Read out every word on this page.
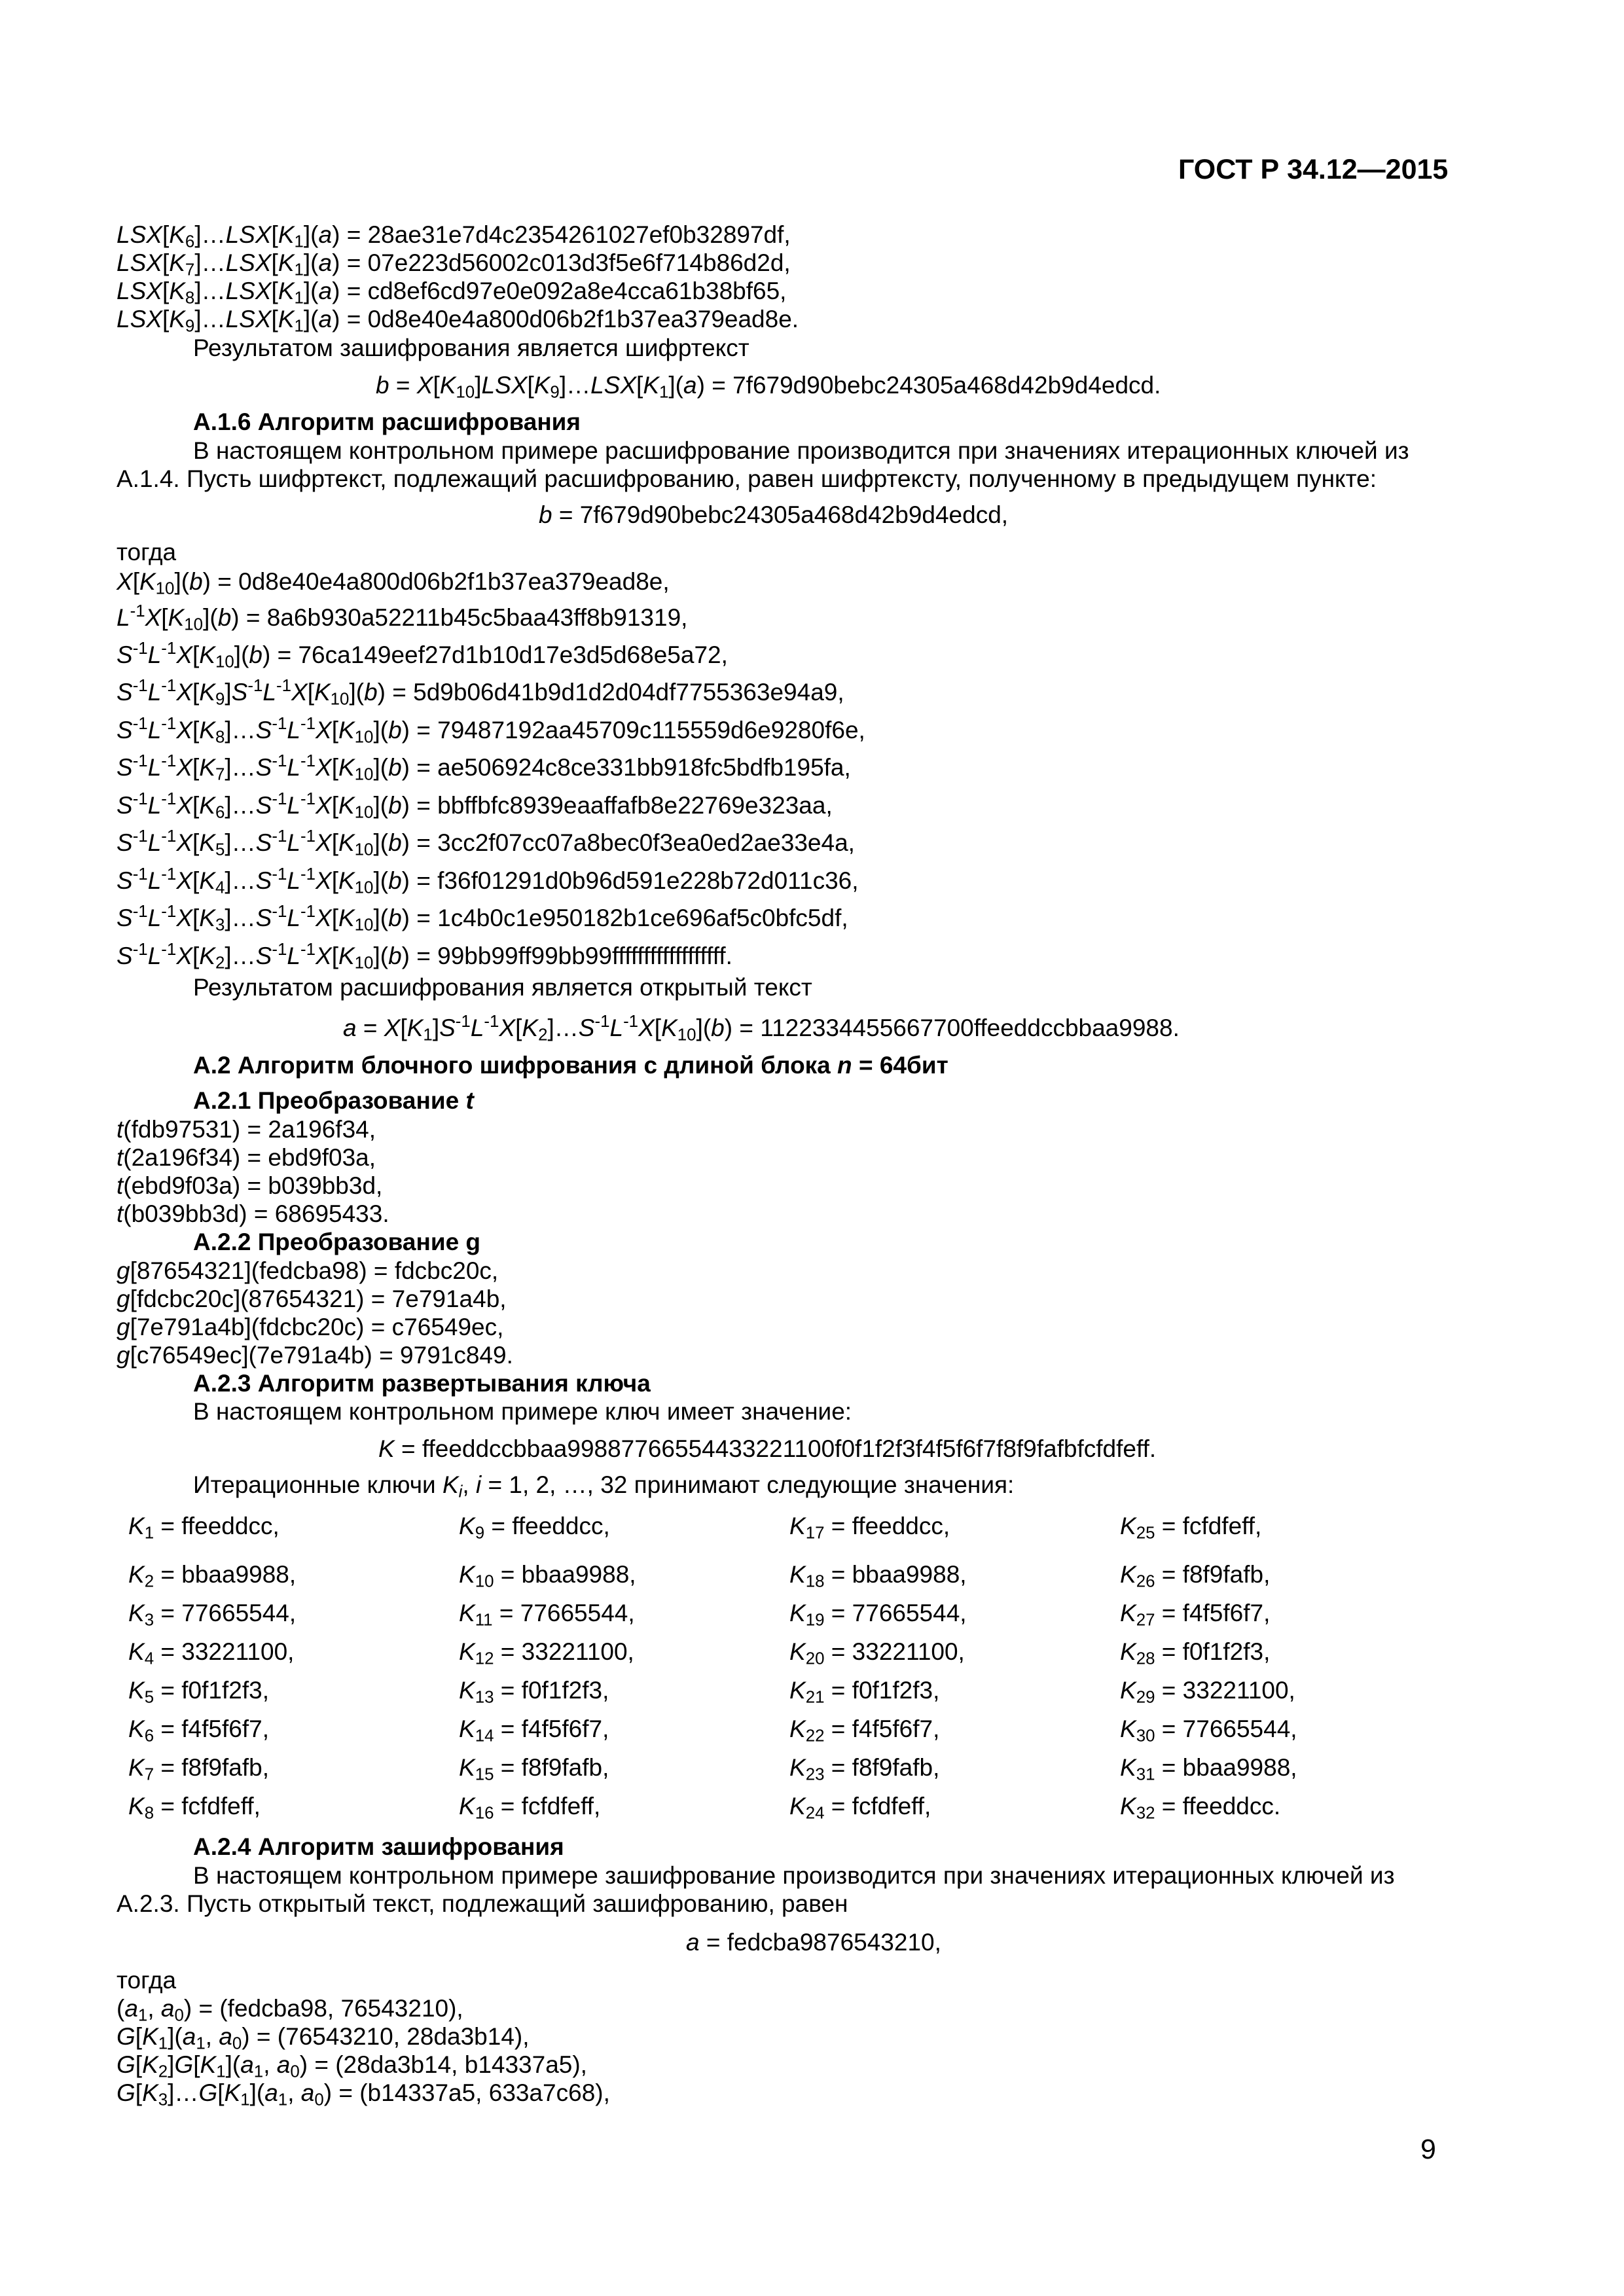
ГОСТ Р 34.12—2015
$LSX[K_6]\dots LSX[K_1](a) = 28ae31e7d4c2354261027ef0b32897df$,
$LSX[K_7]\dots LSX[K_1](a) = 07e223d56002c013d3f5e6f714b86d2d$,
$LSX[K_8]\dots LSX[K_1](a) = cd8ef6cd97e0e092a8e4cca61b38bf65$,
$LSX[K_9]\dots LSX[K_1](a) = 0d8e40e4a800d06b2f1b37ea379ead8e$.
Результатом зашифрования является шифртекст
$b = X[K_{10}]LSX[K_9]\dots LSX[K_1](a)$ = 7f679d90bebc24305a468d42b9d4edcd.
A.1.6 Алгоритм расшифрования
В настоящем контрольном примере расшифрование производится при значениях итерационных ключей из
А.1.4. Пусть шифртекст, подлежащий расшифрованию, равен шифртексту, полученному в предыдущем пункте:
b = 7f679d90bebc24305a468d42b9d4edcd,
тогда
$X[K_{10}](b) = 0d8e40e4a800d06b2f1b37ea379ead8e$,
$L^{-1}X[K_{10}](b) = 8a6b930a52211b45c5baa43ff8b91319$,
$S^{-1}L^{-1}X[K_{10}](b) = 76ca149eef27d1b10d17e3d5d68e5a72$,
$S^{-1}L^{-1}X[K_9]S^{-1}L^{-1}X[K_{10}](b) = 5d9b06d41b9d1d2d04df7755363e94a9$,
$S^{-1}L^{-1}X[K_8]\dots S^{-1}L^{-1}X[K_{10}](b) = 79487192aa45709c115559d6e9280f6e$,
$S^{-1}L^{-1}X[K_7]\dots S^{-1}L^{-1}X[K_{10}](b)$ = ae506924c8ce331bb918fc5bdfb195fa,
$S^{-1}L^{-1}X[K_6]\dots S^{-1}L^{-1}X[K_{10}](b)$ = bbffbfc8939eaaffafb8e22769e323aa,
$S^{-1}L^{-1}X[K_5]\dots S^{-1}L^{-1}X[K_{10}](b) = 3cc2f07cc07a8bec0f3ea0ed2ae33e4a$,
$S^{-1}L^{-1}X[K_4]\dots S^{-1}L^{-1}X[K_{10}](b) = f36f01291d0b96d591e228b72d011c36$,
$S^{-1}L^{-1}X[K_3]\dots S^{-1}L^{-1}X[K_{10}](b) = 1c4b0c1e950182b1ce696af5c0bfc5df$,
$S^{-1}L^{-1}X[K_2]\dots S^{-1}L^{-1}X[K_{10}](b)$ = 99bb99ff99bb99ffffffffffffffffff.
Результатом расшифрования является открытый текст
$a = X[K_1]S^{-1}L^{-1}X[K_2]\dots S^{-1}L^{-1}X[K_{10}](b)$ = 1122334455667700ffeeddccbbaa9988.
А.2 Алгоритм блочного шифрования с длиной блока n = 64бит
А.2.1 Преобразование t
t(fdb97531) = 2a196f34,
t(2a196f34) = ebd9f03a,
t(ebd9f03a) = b039bb3d,
t(b039bb3d) = 68695433.
А.2.2 Преобразование g
g[87654321](fedcba98) = fdcbc20c,
g[fdcbc20c](87654321) = 7e791a4b,
g[7e791a4b](fdcbc20c) = c76549ec,
g[c76549ec](7e791a4b) = 9791c849.
А.2.3 Алгоритм развертывания ключа
В настоящем контрольном примере ключ имеет значение:
K = ffeeddccbbaa99887766554433221100f0f1f2f3f4f5f6f7f8f9fafbfcfdfeff.
Итерационные ключи $K_i$, i = 1, 2, …, 32 принимают следующие значения:
$K_1$ = ffeeddcc,	$K_9$ = ffeeddcc,	$K_{17}$ = ffeeddcc,	$K_{25}$ = fcfdfeff,
$K_2$ = bbaa9988,	$K_{10}$ = bbaa9988,	$K_{18}$ = bbaa9988,	$K_{26}$ = f8f9fafb,
$K_3 = 77665544$,	$K_{11} = 77665544$,	$K_{19} = 77665544$,	$K_{27} = f4f5f6f7$,
$K_4 = 33221100$,	$K_{12} = 33221100$,	$K_{20} = 33221100$,	$K_{28} = f0f1f2f3$,
$K_5 = f0f1f2f3$,	$K_{13} = f0f1f2f3$,	$K_{21} = f0f1f2f3$,	$K_{29} = 33221100$,
$K_6 = f4f5f6f7$,	$K_{14} = f4f5f6f7$,	$K_{22} = f4f5f6f7$,	$K_{30} = 77665544$,
$K_7$ = f8f9fafb,	$K_{15}$ = f8f9fafb,	$K_{23}$ = f8f9fafb,	$K_{31}$ = bbaa9988,
$K_8$ = fcfdfeff,	$K_{16}$ = fcfdfeff,	$K_{24}$ = fcfdfeff,	$K_{32}$ = ffeeddcc.
А.2.4 Алгоритм зашифрования
В настоящем контрольном примере зашифрование производится при значениях итерационных ключей из
А.2.3. Пусть открытый текст, подлежащий зашифрованию, равен
a = fedcba9876543210,
тогда
($a_1$, $a_0$) = (fedcba98, 76543210),
$G[K_1](a_1$, $a_0) = (76543210$, 28da3b14),
$G[K_2]G[K_1](a_1$, $a_0) = (28da3b14$, b14337a5),
$G[K_3]\dots G[K_1](a_1$, $a_0) = (b14337a5$, 633a7c68),
9
